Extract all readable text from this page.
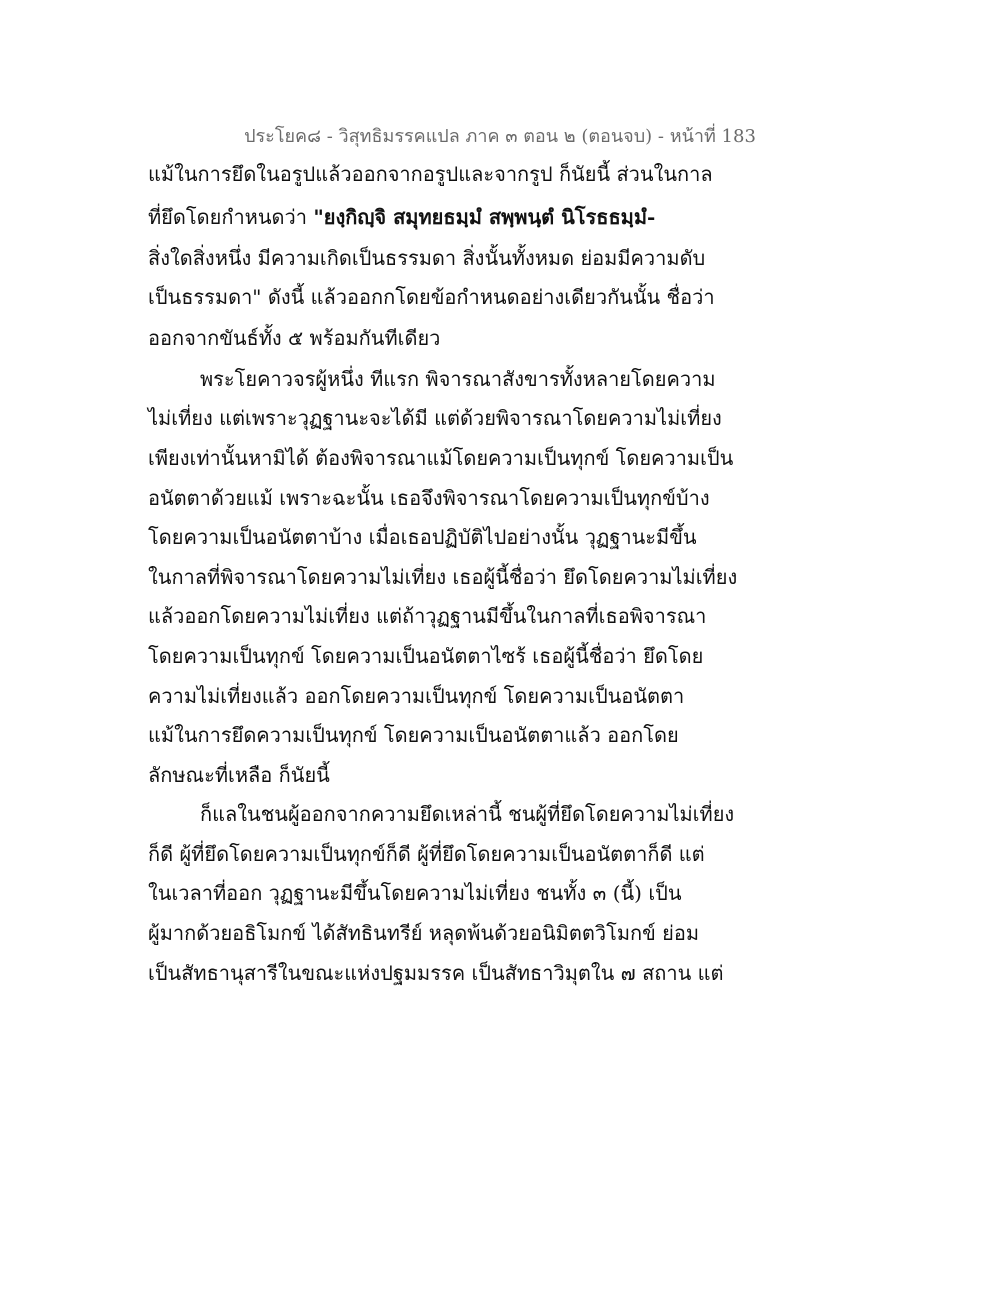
ประโยค๘ - วิสุทธิมรรคแปล ภาค ๓ ตอน ๒ (ตอนจบ) - หน้าที่ 183
แม้ในการยึดในอรูปแล้วออกจากอรูปและจากรูป ก็นัยนี้ ส่วนในกาล
ที่ยึดโดยกำหนดว่า "ยงฺกิญฺจิ สมุทยธมฺมํ สพฺพนฺตํ นิโรธธมฺมํ-
สิ่งใดสิ่งหนึ่ง มีความเกิดเป็นธรรมดา สิ่งนั้นทั้งหมด ย่อมมีความดับ
เป็นธรรมดา" ดังนี้ แล้วออกกโดยข้อกำหนดอย่างเดียวกันนั้น ชื่อว่า
ออกจากขันธ์ทั้ง ๕ พร้อมกันทีเดียว
พระโยคาวจรผู้หนึ่ง ทีแรก พิจารณาสังขารทั้งหลายโดยความ
ไม่เที่ยง แต่เพราะวุฏฐานะจะได้มี แต่ด้วยพิจารณาโดยความไม่เที่ยง
เพียงเท่านั้นหามิได้ ต้องพิจารณาแม้โดยความเป็นทุกข์ โดยความเป็น
อนัตตาด้วยแม้ เพราะฉะนั้น เธอจึงพิจารณาโดยความเป็นทุกข์บ้าง
โดยความเป็นอนัตตาบ้าง เมื่อเธอปฏิบัติไปอย่างนั้น วุฏฐานะมีขึ้น
ในกาลที่พิจารณาโดยความไม่เที่ยง เธอผู้นี้ชื่อว่า ยึดโดยความไม่เที่ยง
แล้วออกโดยความไม่เที่ยง แต่ถ้าวุฏฐานมีขึ้นในกาลที่เธอพิจารณา
โดยความเป็นทุกข์ โดยความเป็นอนัตตาไซร้ เธอผู้นี้ชื่อว่า ยึดโดย
ความไม่เที่ยงแล้ว ออกโดยความเป็นทุกข์ โดยความเป็นอนัตตา
แม้ในการยึดความเป็นทุกข์ โดยความเป็นอนัตตาแล้ว ออกโดย
ลักษณะที่เหลือ ก็นัยนี้
ก็แลในชนผู้ออกจากความยึดเหล่านี้ ชนผู้ที่ยึดโดยความไม่เที่ยง
ก็ดี ผู้ที่ยึดโดยความเป็นทุกข์ก็ดี ผู้ที่ยึดโดยความเป็นอนัตตาก็ดี แต่
ในเวลาที่ออก วุฏฐานะมีขึ้นโดยความไม่เที่ยง ชนทั้ง ๓ (นี้) เป็น
ผู้มากด้วยอธิโมกข์ ได้สัทธินทรีย์ หลุดพ้นด้วยอนิมิตตวิโมกข์ ย่อม
เป็นสัทธานุสารีในขณะแห่งปฐมมรรค เป็นสัทธาวิมุตใน ๗ สถาน แต่
